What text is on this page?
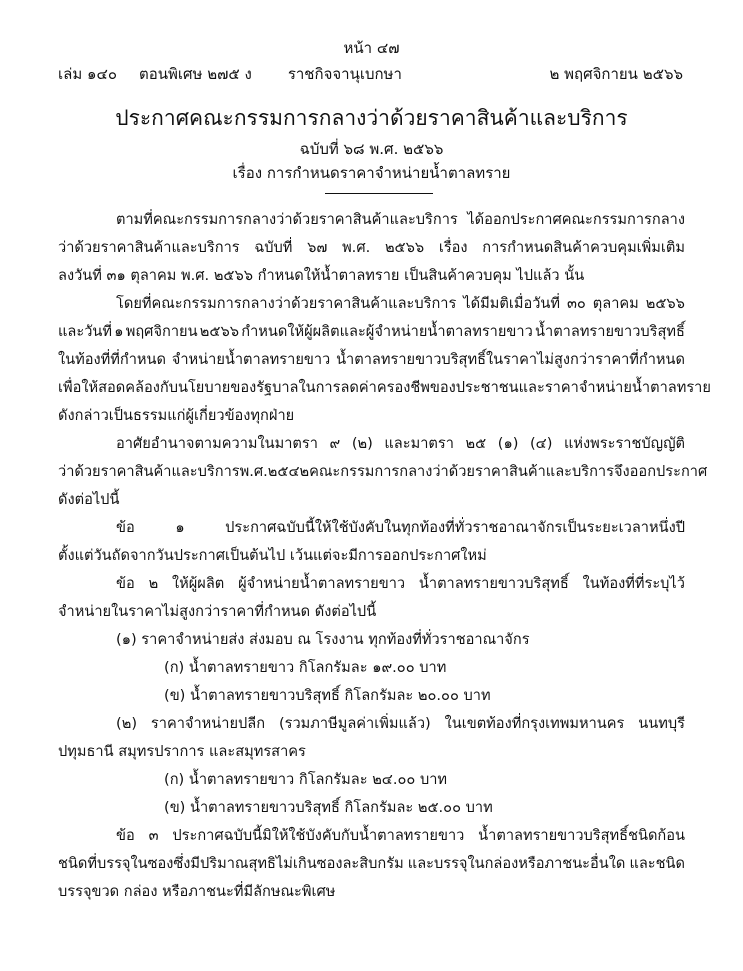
หน้า ๔๗
เล่ม ๑๔๐ ตอนพิเศษ ๒๗๕ ง ราชกิจจานุเบกษา	๒ พฤศจิกายน ๒๕๖๖
ประกาศคณะกรรมการกลางว่าด้วยราคาสินค้าและบริการ
ฉบับที่ ๖๘ พ.ศ. ๒๕๖๖
เรื่อง การกำหนดราคาจำหน่ายน้ำตาลทราย
ตามที่คณะกรรมการกลางว่าด้วยราคาสินค้าและบริการ ได้ออกประกาศคณะกรรมการกลาง
ว่าด้วยราคาสินค้าและบริการ ฉบับที่ ๖๗ พ.ศ. ๒๕๖๖ เรื่อง การกำหนดสินค้าควบคุมเพิ่มเติม
ลงวันที่ ๓๑ ตุลาคม พ.ศ. ๒๕๖๖ กำหนดให้น้ำตาลทราย เป็นสินค้าควบคุม ไปแล้ว นั้น
โดยที่คณะกรรมการกลางว่าด้วยราคาสินค้าและบริการ ได้มีมติเมื่อวันที่ ๓๐ ตุลาคม ๒๕๖๖
และวันที่ ๑ พฤศจิกายน ๒๕๖๖ กำหนดให้ผู้ผลิตและผู้จำหน่ายน้ำตาลทรายขาว น้ำตาลทรายขาวบริสุทธิ์
ในท้องที่ที่กำหนด จำหน่ายน้ำตาลทรายขาว น้ำตาลทรายขาวบริสุทธิ์ในราคาไม่สูงกว่าราคาที่กำหนด
เพื่อให้สอดคล้องกับนโยบายของรัฐบาลในการลดค่าครองชีพของประชาชนและราคาจำหน่ายน้ำตาลทราย
ดังกล่าวเป็นธรรมแก่ผู้เกี่ยวข้องทุกฝ่าย
อาศัยอำนาจตามความในมาตรา ๙ (๒) และมาตรา ๒๕ (๑) (๔) แห่งพระราชบัญญัติ
ว่าด้วยราคาสินค้าและบริการ พ.ศ. ๒๕๔๒ คณะกรรมการกลางว่าด้วยราคาสินค้าและบริการ จึงออกประกาศ
ดังต่อไปนี้
ข้อ	๑	ประกาศฉบับนี้ให้ใช้บังคับในทุกท้องที่ทั่วราชอาณาจักรเป็นระยะเวลาหนึ่งปี
ตั้งแต่วันถัดจากวันประกาศเป็นต้นไป เว้นแต่จะมีการออกประกาศใหม่
ข้อ ๒ ให้ผู้ผลิต ผู้จำหน่ายน้ำตาลทรายขาว น้ำตาลทรายขาวบริสุทธิ์ ในท้องที่ที่ระบุไว้
จำหน่ายในราคาไม่สูงกว่าราคาที่กำหนด ดังต่อไปนี้
(๑) ราคาจำหน่ายส่ง ส่งมอบ ณ โรงงาน ทุกท้องที่ทั่วราชอาณาจักร
(ก) น้ำตาลทรายขาว กิโลกรัมละ ๑๙.๐๐ บาท
(ข) น้ำตาลทรายขาวบริสุทธิ์ กิโลกรัมละ ๒๐.๐๐ บาท
(๒) ราคาจำหน่ายปลีก (รวมภาษีมูลค่าเพิ่มแล้ว) ในเขตท้องที่กรุงเทพมหานคร นนทบุรี
ปทุมธานี สมุทรปราการ และสมุทรสาคร
(ก) น้ำตาลทรายขาว กิโลกรัมละ ๒๔.๐๐ บาท
(ข) น้ำตาลทรายขาวบริสุทธิ์ กิโลกรัมละ ๒๕.๐๐ บาท
ข้อ ๓ ประกาศฉบับนี้มิให้ใช้บังคับกับน้ำตาลทรายขาว น้ำตาลทรายขาวบริสุทธิ์ชนิดก้อน
ชนิดที่บรรจุในซองซึ่งมีปริมาณสุทธิไม่เกินซองละสิบกรัม และบรรจุในกล่องหรือภาชนะอื่นใด และชนิด
บรรจุขวด กล่อง หรือภาชนะที่มีลักษณะพิเศษ
